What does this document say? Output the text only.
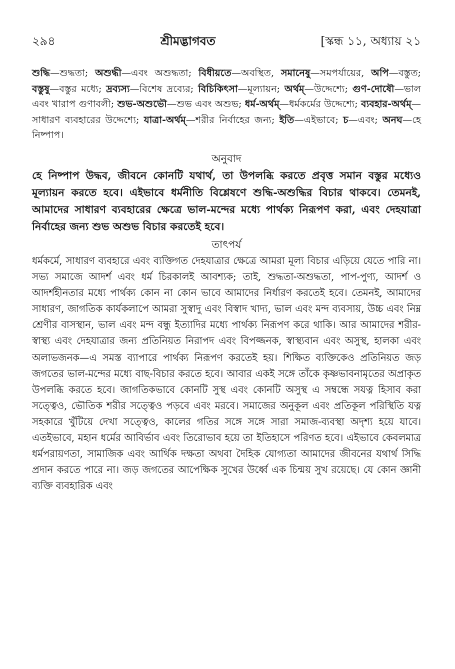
২৯৪	শ্রীমদ্ভাগবত	[স্কন্ধ ১১, অধ্যায় ২১

শুদ্ধি—শুদ্ধতা; অশুদ্ধী—এবং অশুদ্ধতা; বিধীয়তে—অবস্থিত, সমানেষু—সমপর্যায়ের, অপি—বস্তুত; বস্তুষু—বস্তুর মধ্যে; দ্রব্যস্য—বিশেষ দ্রব্যের; বিচিকিৎসা—মূল্যায়ন; অর্থম্—উদ্দেশ্যে; গুণ-দোষৌ—ভাল এবং খারাপ গুণাবলী; শুভ-অশুভৌ—শুভ এবং অশুভ; ধর্ম-অর্থম্—ধর্মকর্মের উদ্দেশ্যে; ব্যবহার-অর্থম্—সাধারণ ব্যবহারের উদ্দেশ্যে; যাত্রা-অর্থম্—শরীর নির্বাহের জন্য; ইতি—এইভাবে; চ—এবং; অনঘ—হে নিষ্পাপ।

অনুবাদ

হে নিষ্পাপ উদ্ধব, জীবনে কোনটি যথার্থ, তা উপলব্ধি করতে প্রবৃত্ত সমান বস্তুর মধ্যেও মূল্যায়ন করতে হবে। এইভাবে ধর্মনীতি বিশ্লেষণে শুদ্ধি-অশুদ্ধির বিচার থাকবে। তেমনই, আমাদের সাধারণ ব্যবহারের ক্ষেত্রে ভাল-মন্দের মধ্যে পার্থক্য নিরূপণ করা, এবং দেহযাত্রা নির্বাহের জন্য শুভ অশুভ বিচার করতেই হবে।

তাৎপর্য

ধর্মকর্মে, সাধারণ ব্যবহারে এবং ব্যক্তিগত দেহযাত্রার ক্ষেত্রে আমরা মূল্য বিচার এড়িয়ে যেতে পারি না। সভ্য সমাজে আদর্শ এবং ধর্ম চিরকালই আবশ্যক; তাই, শুদ্ধতা-অশুদ্ধতা, পাপ-পুণ্য, আদর্শ ও আদর্শহীনতার মধ্যে পার্থক্য কোন না কোন ভাবে আমাদের নির্ধারণ করতেই হবে। তেমনই, আমাদের সাধারণ, জাগতিক কার্যকলাপে আমরা সুস্বাদু এবং বিস্বাদ খাদ্য, ভাল এবং মন্দ ব্যবসায়, উচ্চ এবং নিম্ন শ্রেণীর বাসস্থান, ভাল এবং মন্দ বন্ধু ইত্যাদির মধ্যে পার্থক্য নিরূপণ করে থাকি। আর আমাদের শরীর-স্বাস্থ্য এবং দেহযাত্রার জন্য প্রতিনিয়ত নিরাপদ এবং বিপজ্জনক, স্বাস্থ্যবান এবং অসুস্থ, হালকা এবং অলাভজনক—এ সমস্ত ব্যাপারে পার্থক্য নিরূপণ করতেই হয়। শিক্ষিত ব্যক্তিকেও প্রতিনিয়ত জড় জগতের ভাল-মন্দের মধ্যে বাছ-বিচার করতে হবে। আবার একই সঙ্গে তাঁকে কৃষ্ণভাবনামৃতের অপ্রাকৃত উপলব্ধি করতে হবে। জাগতিকভাবে কোনটি সুস্থ এবং কোনটি অসুস্থ এ সম্বন্ধে সযত্ন হিসাব করা সত্ত্বেও, ভৌতিক শরীর সত্ত্বেও পড়বে এবং মরবে। সমাজের অনুকূল এবং প্রতিকূল পরিস্থিতি যত্ন সহকারে খুঁটিয়ে দেখা সত্ত্বেও, কালের গতির সঙ্গে সঙ্গে সারা সমাজ-ব্যবস্থা অদৃশ্য হয়ে যাবে। এতইভাবে, মহান ধর্মের আবির্ভাব এবং তিরোভাব হয়ে তা ইতিহাসে পরিণত হবে। এইভাবে কেবলমাত্র ধর্মপরায়ণতা, সামাজিক এবং আর্থিক দক্ষতা অথবা দৈহিক যোগ্যতা আমাদের জীবনের যথার্থ সিদ্ধি প্রদান করতে পারে না। জড় জগতের আপেক্ষিক সুখের উর্ধ্বে এক চিন্ময় সুখ রয়েছে। যে কোন জ্ঞানী ব্যক্তি ব্যবহারিক এবং
